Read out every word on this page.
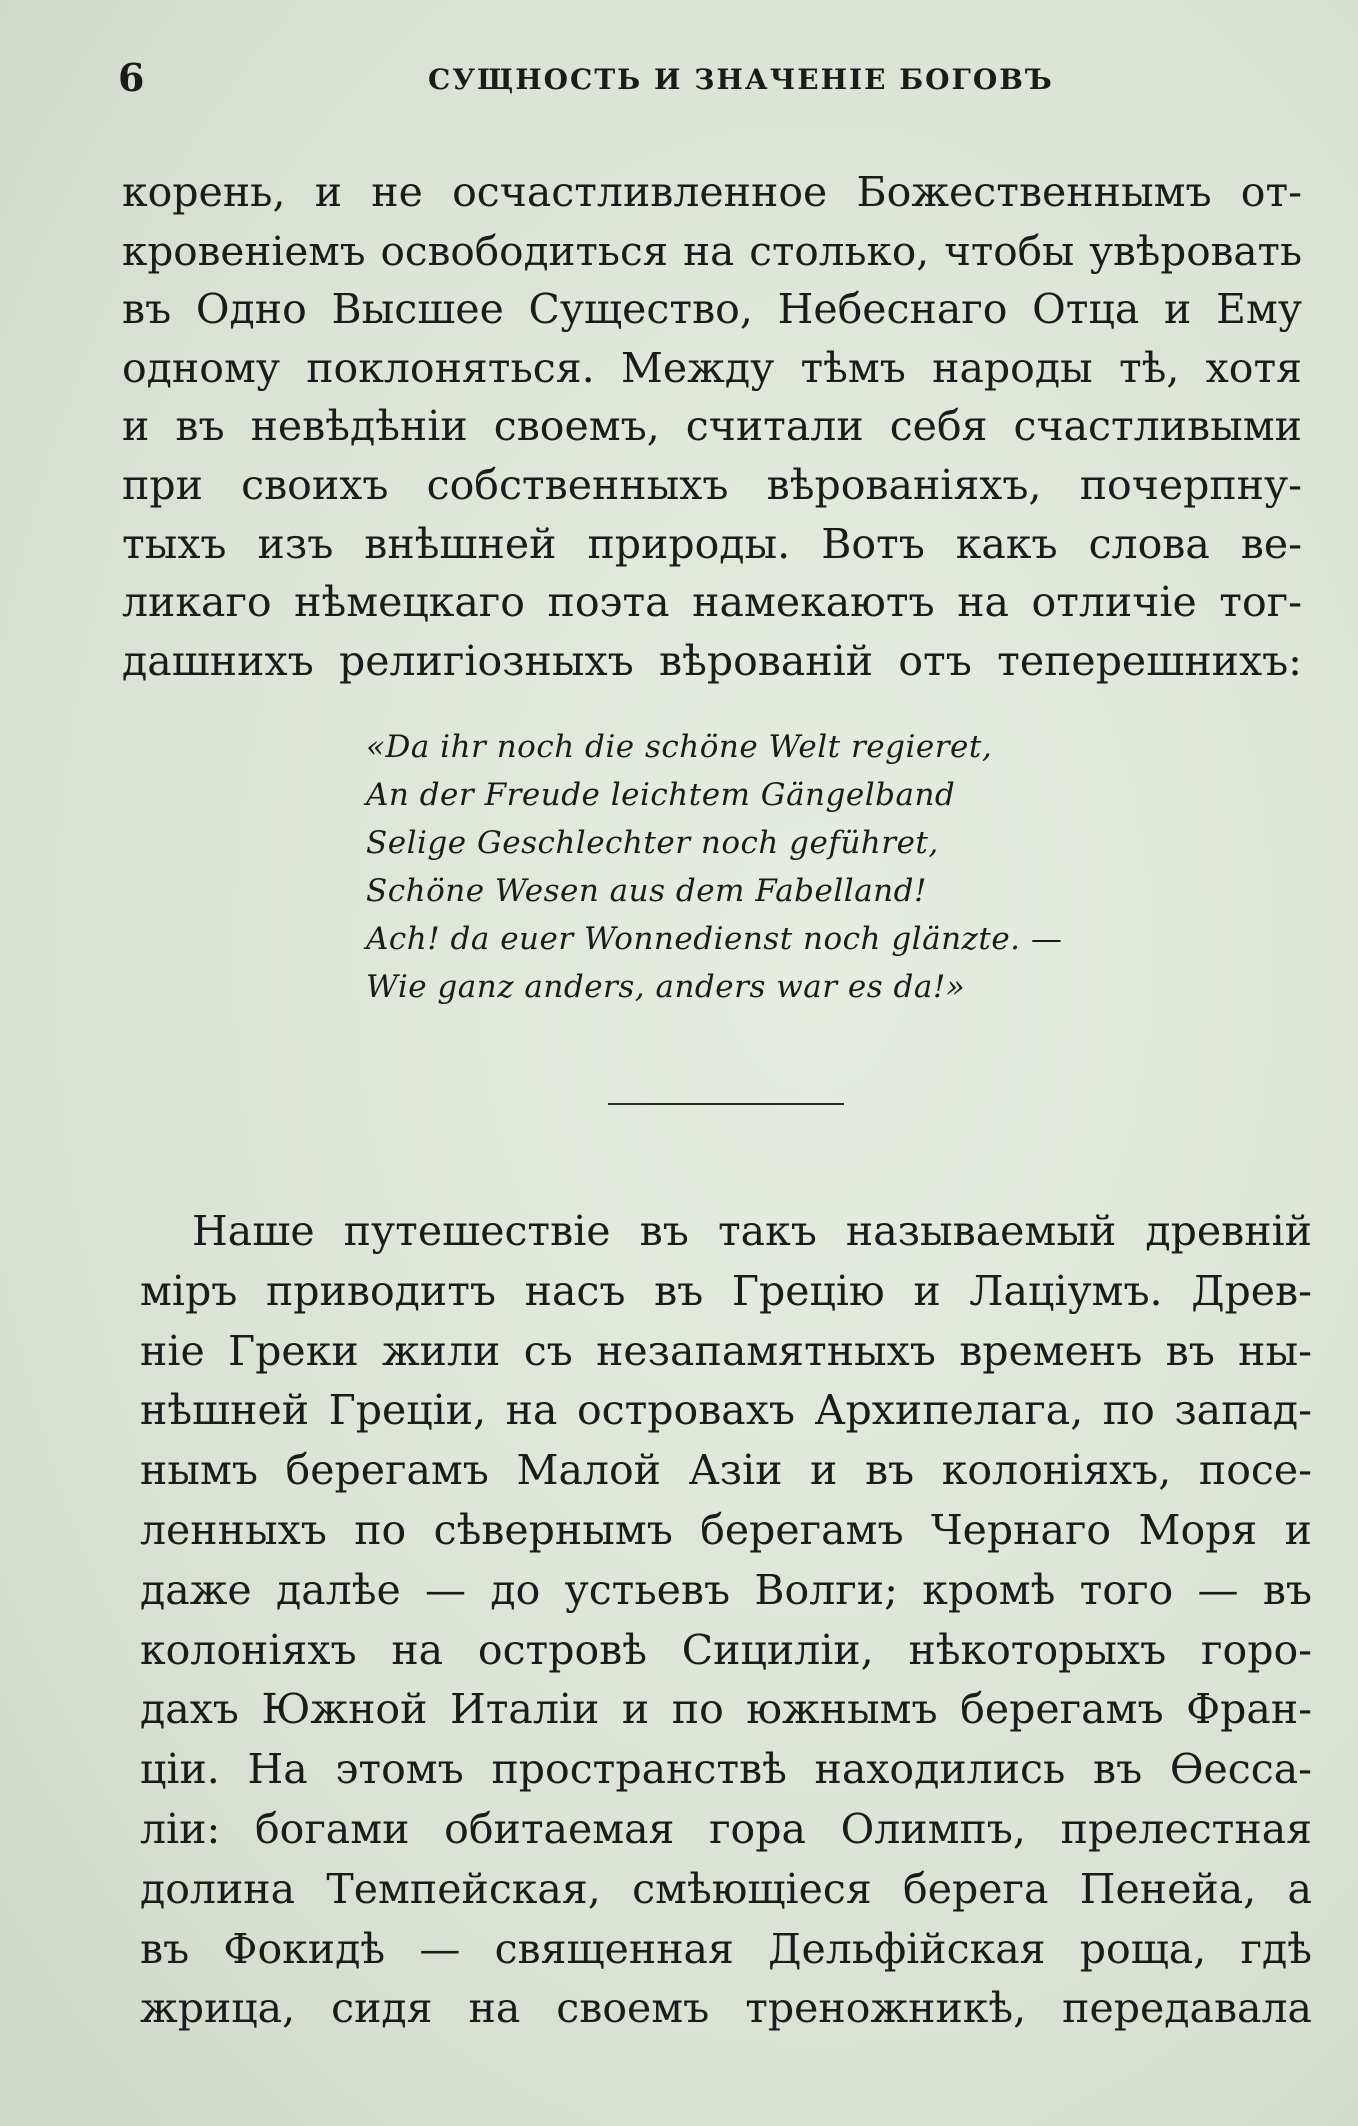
6	СУЩНОСТЬ И ЗНАЧЕНІЕ БОГОВЪ
корень, и не осчастливленное Божественнымъ от-
кровеніемъ освободиться на столько, чтобы увѣровать
въ Одно Высшее Существо, Небеснаго Отца и Ему
одному поклоняться. Между тѣмъ народы тѣ, хотя
и въ невѣдѣніи своемъ, считали себя счастливыми
при своихъ собственныхъ вѣрованіяхъ, почерпну-
тыхъ изъ внѣшней природы. Вотъ какъ слова ве-
ликаго нѣмецкаго поэта намекаютъ на отличіе тог-
дашнихъ религіозныхъ вѣрованій отъ теперешнихъ:
«Da ihr noch die schöne Welt regieret,
An der Freude leichtem Gängelband
Selige Geschlechter noch geführet,
Schöne Wesen aus dem Fabelland!
Ach! da euer Wonnedienst noch glänzte. —
Wie ganz anders, anders war es da!»
Наше путешествіе въ такъ называемый древній
міръ приводитъ насъ въ Грецію и Лаціумъ. Древ-
ніе Греки жили съ незапамятныхъ временъ въ ны-
нѣшней Греціи, на островахъ Архипелага, по запад-
нымъ берегамъ Малой Азіи и въ колоніяхъ, посе-
ленныхъ по сѣвернымъ берегамъ Чернаго Моря и
даже далѣе — до устьевъ Волги; кромѣ того — въ
колоніяхъ на островѣ Сициліи, нѣкоторыхъ горо-
дахъ Южной Италіи и по южнымъ берегамъ Фран-
ціи. На этомъ пространствѣ находились въ Ѳесса-
ліи: богами обитаемая гора Олимпъ, прелестная
долина Темпейская, смѣющіеся берега Пенейа, а
въ Фокидѣ — священная Дельфійская роща, гдѣ
жрица, сидя на своемъ треножникѣ, передавала
